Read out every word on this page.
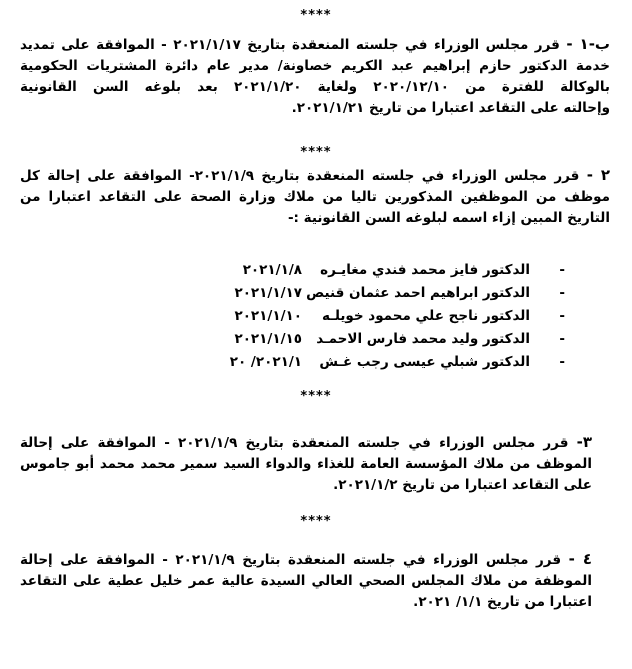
****
ب-١ - قرر مجلس الوزراء في جلسته المنعقدة بتاريخ ٢٠٢١/١/١٧ - الموافقة على تمديد
خدمة الدكتور حازم إبراهيم عبد الكريم خصاونة/ مدير عام دائرة المشتريات الحكومية
بالوكالة للفترة من ٢٠٢٠/١٢/١٠ ولغاية ٢٠٢١/١/٢٠ بعد بلوغه السن القانونية
وإحالته على التقاعد اعتبارا من تاريخ ٢٠٢١/١/٢١.
****
٢ - قرر مجلس الوزراء في جلسته المنعقدة بتاريخ ٢٠٢١/١/٩- الموافقة على إحالة كل
موظف من الموظفين المذكورين تاليا من ملاك وزارة الصحة على التقاعد اعتبارا من
التاريخ المبين إزاء اسمه لبلوغه السن القانونية :-
-
الدكتور فايز محمد فندي مغايـره
٢٠٢١/١/٨
-
الدكتور ابراهيم احمد عثمان قنيص
٢٠٢١/١/١٧
-
الدكتور ناجح علي محمود خويلـه
٢٠٢١/١/١٠
-
الدكتور وليد محمد فارس الاحمـد
٢٠٢١/١/١٥
-
الدكتور شبلي عيسى رجب غـش
٢٠٢١/١/ ٢٠
****
٣- قرر مجلس الوزراء في جلسته المنعقدة بتاريخ ٢٠٢١/١/٩ - الموافقة على إحالة
الموظف من ملاك المؤسسة العامة للغذاء والدواء السيد سمير محمد محمد أبو جاموس
على التقاعد اعتبارا من تاريخ ٢٠٢١/١/٢.
****
٤ - قرر مجلس الوزراء في جلسته المنعقدة بتاريخ ٢٠٢١/١/٩ - الموافقة على إحالة
الموظفة من ملاك المجلس الصحي العالي السيدة عالية عمر خليل عطية على التقاعد
اعتبارا من تاريخ ١/١/ ٢٠٢١.
